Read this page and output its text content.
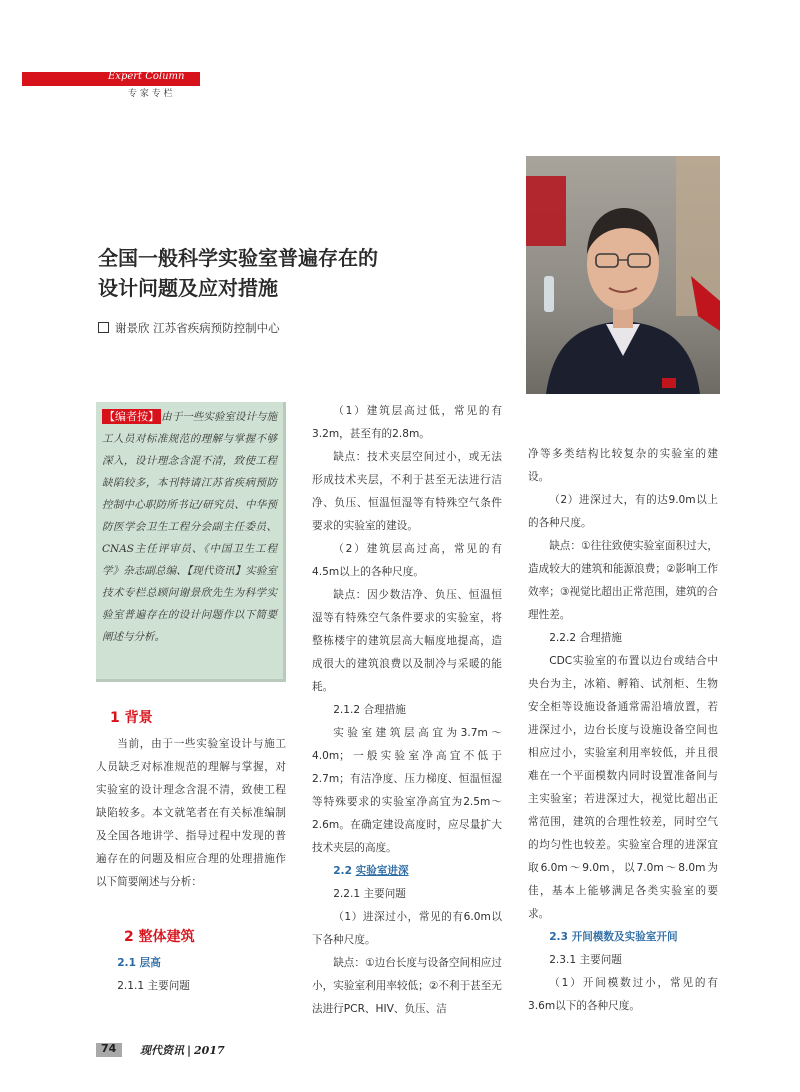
Expert Column
专 家 专 栏
全国一般科学实验室普遍存在的
设计问题及应对措施
谢景欣 江苏省疾病预防控制中心

【编者按】 由于一些实验室设计与施工人员对标准规范的理解与掌握不够深入，设计理念含混不清，致使工程缺陷较多，本刊特请江苏省疾病预防控制中心职防所书记/研究员、中华预防医学会卫生工程分会副主任委员、CNAS主任评审员、《中国卫生工程学》杂志副总编、【现代资讯】实验室技术专栏总顾问谢景欣先生为科学实验室普遍存在的设计问题作以下简要阐述与分析。

1 背景

当前，由于一些实验室设计与施工人员缺乏对标准规范的理解与掌握，对实验室的设计理念含混不清，致使工程缺陷较多。本文就笔者在有关标准编制及全国各地讲学、指导过程中发现的普遍存在的问题及相应合理的处理措施作以下简要阐述与分析：

2 整体建筑

2.1 层高

2.1.1 主要问题

（1）建筑层高过低，常见的有3.2m，甚至有的2.8m。

缺点：技术夹层空间过小，或无法形成技术夹层，不利于甚至无法进行洁净、负压、恒温恒湿等有特殊空气条件要求的实验室的建设。

（2）建筑层高过高，常见的有4.5m以上的各种尺度。

缺点：因少数洁净、负压、恒温恒湿等有特殊空气条件要求的实验室，将整栋楼宇的建筑层高大幅度地提高，造成很大的建筑浪费以及制冷与采暖的能耗。

2.1.2 合理措施

实验室建筑层高宜为3.7m～4.0m；一般实验室净高宜不低于2.7m；有洁净度、压力梯度、恒温恒湿等特殊要求的实验室净高宜为2.5m～2.6m。在确定建设高度时，应尽量扩大技术夹层的高度。

2.2 实验室进深

2.2.1 主要问题

（1）进深过小，常见的有6.0m以下各种尺度。

缺点：①边台长度与设备空间相应过小，实验室利用率较低；②不利于甚至无法进行PCR、HIV、负压、洁

净等多类结构比较复杂的实验室的建设。

（2）进深过大，有的达9.0m以上的各种尺度。

缺点：①往往致使实验室面积过大，造成较大的建筑和能源浪费；②影响工作效率；③视觉比超出正常范围，建筑的合理性差。

2.2.2 合理措施

CDC实验室的布置以边台或结合中央台为主，冰箱、孵箱、试剂柜、生物安全柜等设施设备通常需沿墙放置，若进深过小，边台长度与设施设备空间也相应过小，实验室利用率较低，并且很难在一个平面模数内同时设置准备间与主实验室；若进深过大，视觉比超出正常范围，建筑的合理性较差，同时空气的均匀性也较差。实验室合理的进深宜取6.0m～9.0m，以7.0m～8.0m为佳，基本上能够满足各类实验室的要求。

2.3 开间模数及实验室开间

2.3.1 主要问题

（1）开间模数过小，常见的有3.6m以下的各种尺度。

74 现代资讯 | 2017
